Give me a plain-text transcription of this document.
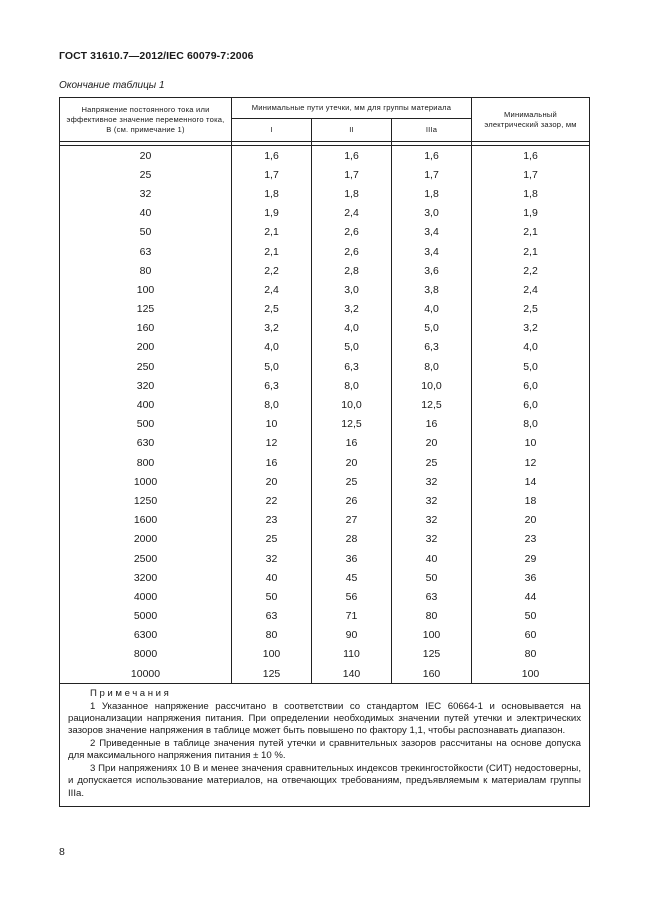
ГОСТ 31610.7—2012/IEC 60079-7:2006
Окончание таблицы 1
Напряжение постоянного тока или эффективное значение переменного тока, В (см. примечание 1)	Минимальные пути утечки, мм для группы материала			Минимальный электрический зазор, мм
	I	II	IIIa	

20	1,6	1,6	1,6	1,6
25	1,7	1,7	1,7	1,7
32	1,8	1,8	1,8	1,8
40	1,9	2,4	3,0	1,9
50	2,1	2,6	3,4	2,1
63	2,1	2,6	3,4	2,1
80	2,2	2,8	3,6	2,2
100	2,4	3,0	3,8	2,4
125	2,5	3,2	4,0	2,5
160	3,2	4,0	5,0	3,2
200	4,0	5,0	6,3	4,0
250	5,0	6,3	8,0	5,0
320	6,3	8,0	10,0	6,0
400	8,0	10,0	12,5	6,0
500	10	12,5	16	8,0
630	12	16	20	10
800	16	20	25	12
1000	20	25	32	14
1250	22	26	32	18
1600	23	27	32	20
2000	25	28	32	23
2500	32	36	40	29
3200	40	45	50	36
4000	50	56	63	44
5000	63	71	80	50
6300	80	90	100	60
8000	100	110	125	80
10000	125	140	160	100

Примечания

1 Указанное напряжение рассчитано в соответствии со стандартом IEC 60664-1 и основывается на рационализации напряжения питания. При определении необходимых значении путей утечки и электрических зазоров значение напряжения в таблице может быть повышено по фактору 1,1, чтобы распознавать диапазон.

2 Приведенные в таблице значения путей утечки и сравнительных зазоров рассчитаны на основе допуска для максимального напряжения питания ± 10 %.

3 При напряжениях 10 В и менее значения сравнительных индексов трекингостойкости (СИТ) недостоверны, и допускается использование материалов, на отвечающих требованиям, предъявляемым к материалам группы IIIa.				

8
